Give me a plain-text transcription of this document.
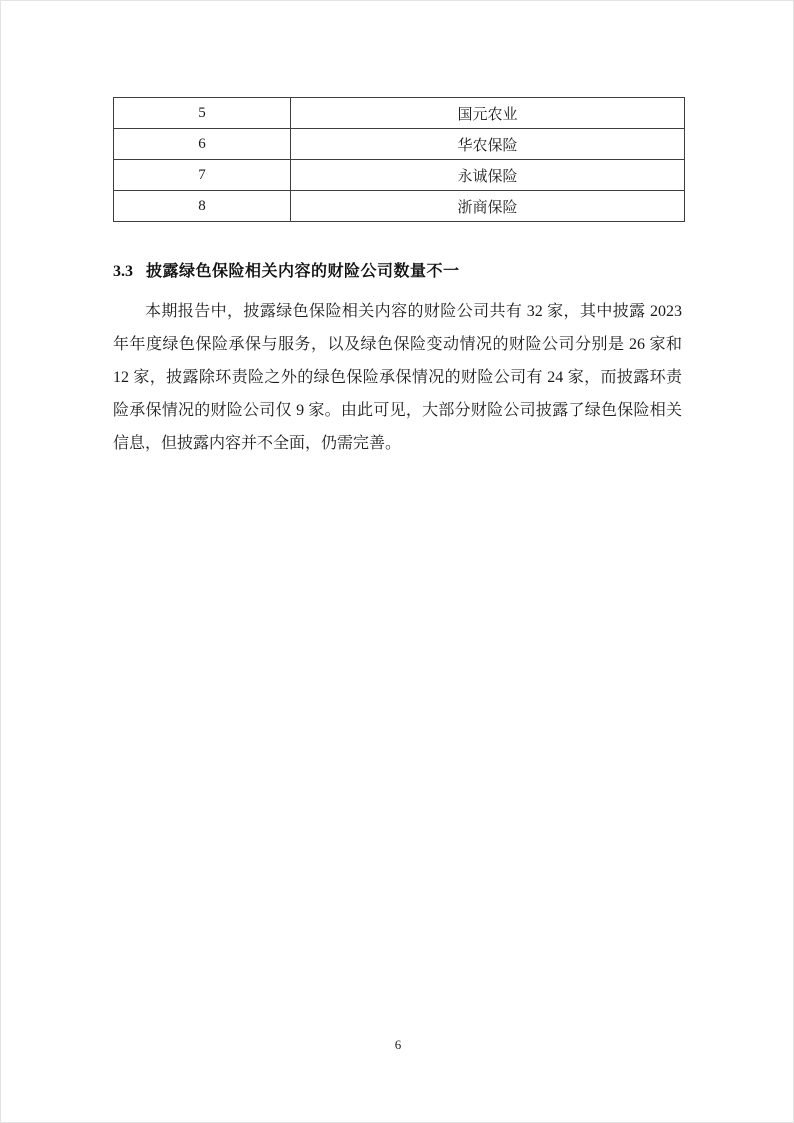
5	国元农业
6	华农保险
7	永诚保险
8	浙商保险
3.3 披露绿色保险相关内容的财险公司数量不一
本期报告中，披露绿色保险相关内容的财险公司共有 32 家，其中披露 2023 年年度绿色保险承保与服务，以及绿色保险变动情况的财险公司分别是 26 家和 12 家，披露除环责险之外的绿色保险承保情况的财险公司有 24 家，而披露环责险承保情况的财险公司仅 9 家。由此可见，大部分财险公司披露了绿色保险相关信息，但披露内容并不全面，仍需完善。
6
